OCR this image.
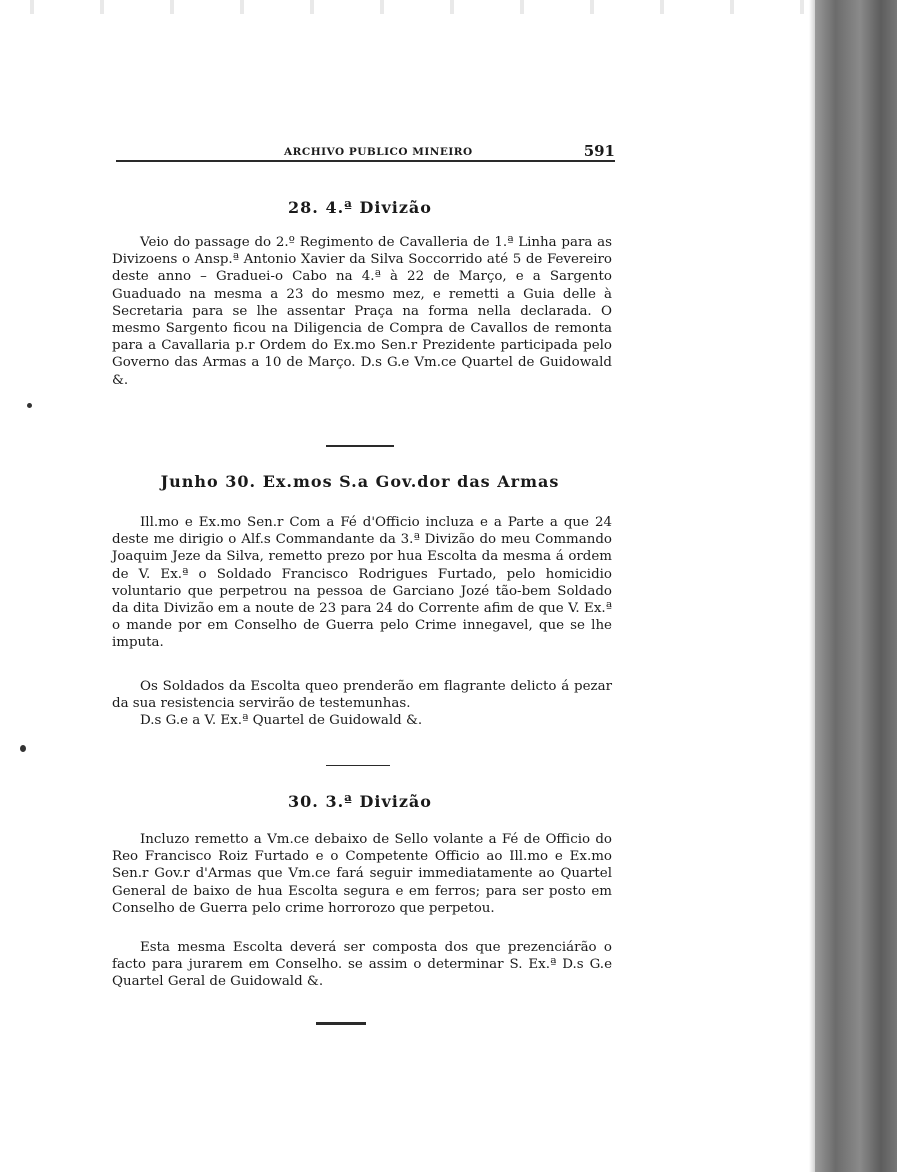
ARCHIVO PUBLICO MINEIRO	591
28. 4.ª Divizão
Veio do passage do 2.º Regimento de Cavalleria de 1.ª Linha para as Divizoens o Ansp.ª Antonio Xavier da Silva Soccorrido até 5 de Fevereiro deste anno – Graduei-o Cabo na 4.ª à 22 de Março, e a Sargento Guaduado na mesma a 23 do mesmo mez, e remetti a Guia delle à Secretaria para se lhe assentar Praça na forma nella declarada. O mesmo Sargento ficou na Diligencia de Compra de Cavallos de remonta para a Cavallaria p.r Ordem do Ex.mo Sen.r Prezidente participada pelo Governo das Armas a 10 de Março. D.s G.e Vm.ce Quartel de Guidowald &.
Junho 30. Ex.mos S.a Gov.dor das Armas
Ill.mo e Ex.mo Sen.r Com a Fé d'Officio incluza e a Parte a que 24 deste me dirigio o Alf.s Commandante da 3.ª Divizão do meu Commando Joaquim Jeze da Silva, remetto prezo por hua Escolta da mesma á ordem de V. Ex.ª o Soldado Francisco Rodrigues Furtado, pelo homicidio voluntario que perpetrou na pessoa de Garciano Jozé tão-bem Soldado da dita Divizão em a noute de 23 para 24 do Corrente afim de que V. Ex.ª o mande por em Conselho de Guerra pelo Crime innegavel, que se lhe imputa.
Os Soldados da Escolta queo prenderão em flagrante delicto á pezar da sua resistencia servirão de testemunhas.
D.s G.e a V. Ex.ª Quartel de Guidowald &.
30. 3.ª Divizão
Incluzo remetto a Vm.ce debaixo de Sello volante a Fé de Officio do Reo Francisco Roiz Furtado e o Competente Officio ao Ill.mo e Ex.mo Sen.r Gov.r d'Armas que Vm.ce fará seguir immediatamente ao Quartel General de baixo de hua Escolta segura e em ferros; para ser posto em Conselho de Guerra pelo crime horrorozo que perpetou.
Esta mesma Escolta deverá ser composta dos que prezenciárão o facto para jurarem em Conselho. se assim o determinar S. Ex.ª D.s G.e Quartel Geral de Guidowald &.
